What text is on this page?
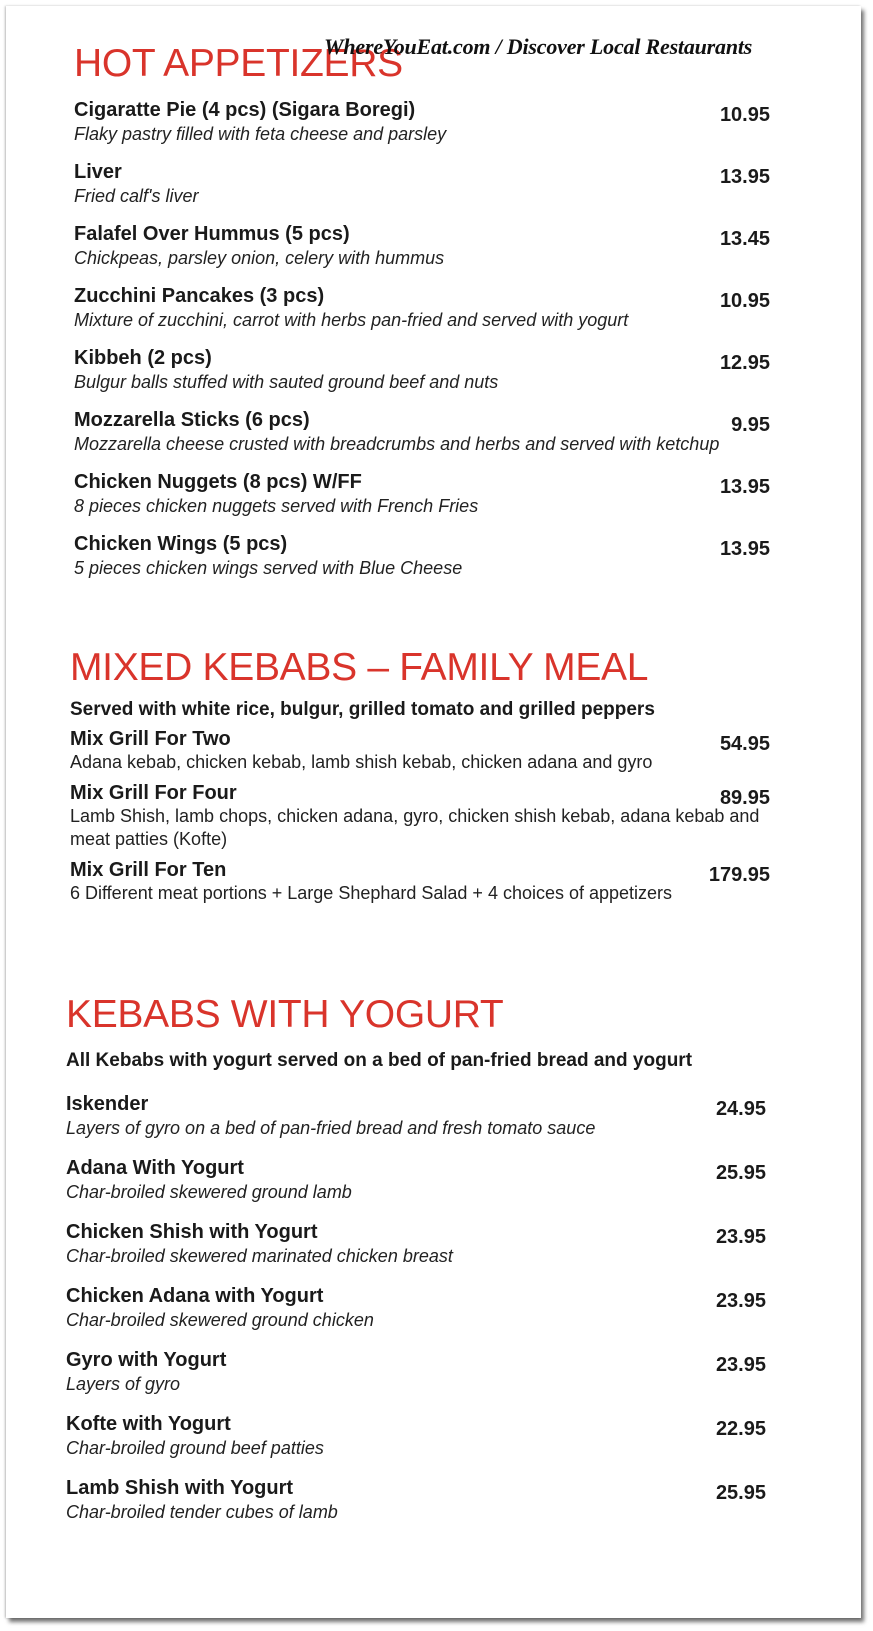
WhereYouEat.com / Discover Local Restaurants
HOT APPETIZERS
Cigaratte Pie (4 pcs) (Sigara Boregi)
Flaky pastry filled with feta cheese and parsley
10.95
Liver
Fried calf's liver
13.95
Falafel Over Hummus (5 pcs)
Chickpeas, parsley onion, celery with hummus
13.45
Zucchini Pancakes (3 pcs)
Mixture of zucchini, carrot with herbs pan-fried and served with yogurt
10.95
Kibbeh (2 pcs)
Bulgur balls stuffed with sauted ground beef and nuts
12.95
Mozzarella Sticks (6 pcs)
Mozzarella cheese crusted with breadcrumbs and herbs and served with ketchup
9.95
Chicken Nuggets (8 pcs) W/FF
8 pieces chicken nuggets served with French Fries
13.95
Chicken Wings (5 pcs)
5 pieces chicken wings served with Blue Cheese
13.95
MIXED KEBABS – FAMILY MEAL
Served with white rice, bulgur, grilled tomato and grilled peppers
Mix Grill For Two
Adana kebab, chicken kebab, lamb shish kebab, chicken adana and gyro
54.95
Mix Grill For Four
Lamb Shish, lamb chops, chicken adana, gyro, chicken shish kebab, adana kebab and meat patties (Kofte)
89.95
Mix Grill For Ten
6 Different meat portions + Large Shephard Salad + 4 choices of appetizers
179.95
KEBABS WITH YOGURT
All Kebabs with yogurt served on a bed of pan-fried bread and yogurt
Iskender
Layers of gyro on a bed of pan-fried bread and fresh tomato sauce
24.95
Adana With Yogurt
Char-broiled skewered ground lamb
25.95
Chicken Shish with Yogurt
Char-broiled skewered marinated chicken breast
23.95
Chicken Adana with Yogurt
Char-broiled skewered ground chicken
23.95
Gyro with Yogurt
Layers of gyro
23.95
Kofte with Yogurt
Char-broiled ground beef patties
22.95
Lamb Shish with Yogurt
Char-broiled tender cubes of lamb
25.95
